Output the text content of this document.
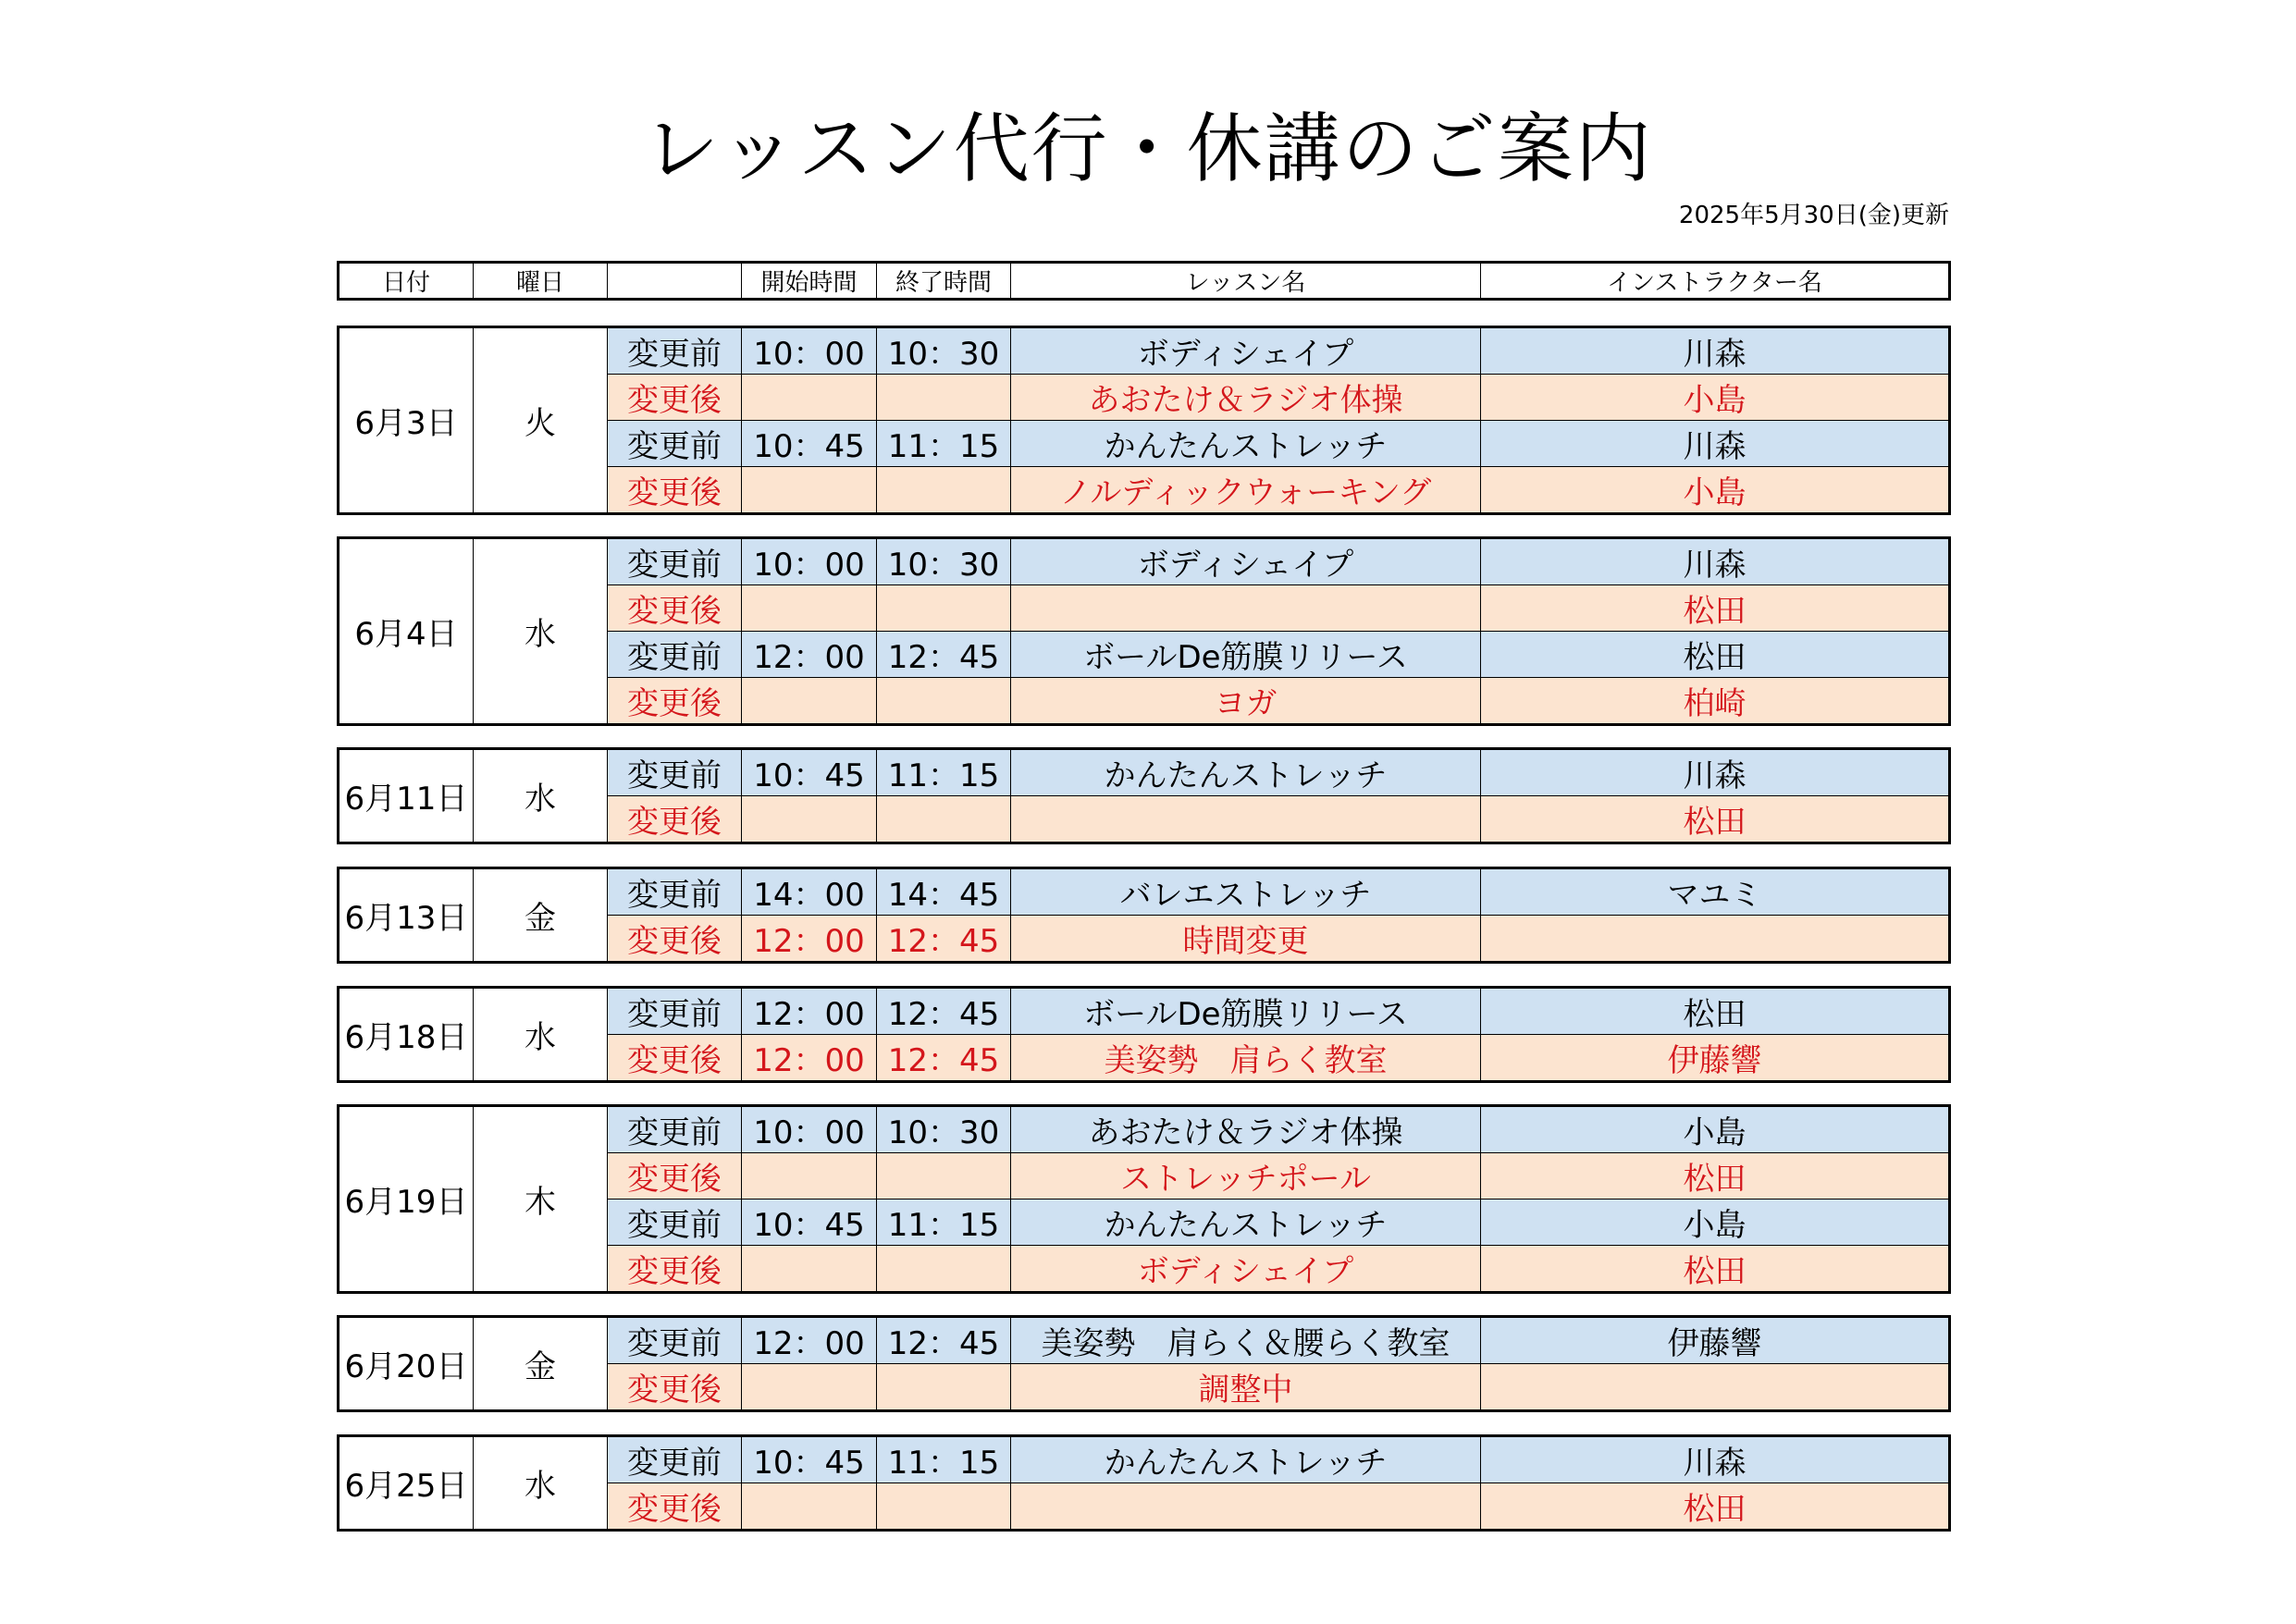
レッスン代行・休講のご案内
2025年5月30日(金)更新
日付	曜日		開始時間	終了時間	レッスン名	インストラクター名
6月3日	火	変更前	10：00	10：30	ボディシェイプ	川森
		変更後			あおたけ＆ラジオ体操	小島
		変更前	10：45	11：15	かんたんストレッチ	川森
		変更後			ノルディックウォーキング	小島
6月4日	水	変更前	10：00	10：30	ボディシェイプ	川森
		変更後				松田
		変更前	12：00	12：45	ボールDe筋膜リリース	松田
		変更後			ヨガ	柏崎
6月11日	水	変更前	10：45	11：15	かんたんストレッチ	川森
		変更後				松田
6月13日	金	変更前	14：00	14：45	バレエストレッチ	マユミ
		変更後	12：00	12：45	時間変更	
6月18日	水	変更前	12：00	12：45	ボールDe筋膜リリース	松田
		変更後	12：00	12：45	美姿勢　肩らく教室	伊藤響
6月19日	木	変更前	10：00	10：30	あおたけ＆ラジオ体操	小島
		変更後			ストレッチポール	松田
		変更前	10：45	11：15	かんたんストレッチ	小島
		変更後			ボディシェイプ	松田
6月20日	金	変更前	12：00	12：45	美姿勢　肩らく＆腰らく教室	伊藤響
		変更後			調整中	
6月25日	水	変更前	10：45	11：15	かんたんストレッチ	川森
		変更後				松田
